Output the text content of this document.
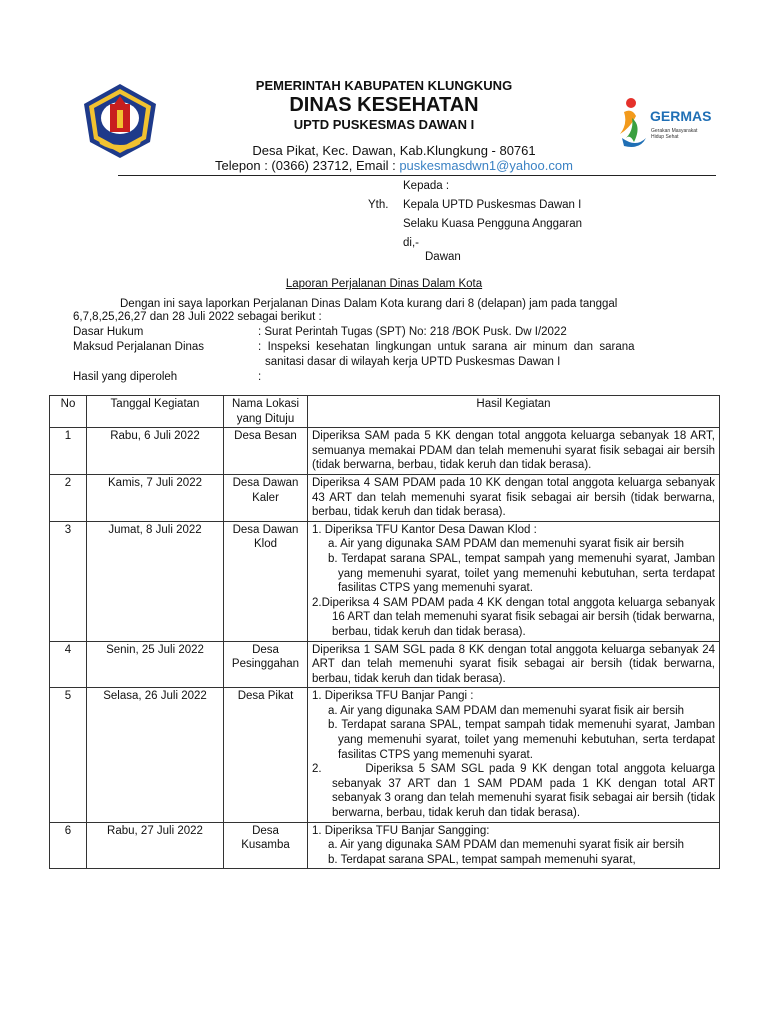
GERMAS
Gerakan Masyarakat
Hidup Sehat
PEMERINTAH KABUPATEN KLUNGKUNG
DINAS KESEHATAN
UPTD PUSKESMAS DAWAN I
Desa Pikat, Kec. Dawan, Kab.Klungkung - 80761
Telepon : (0366) 23712, Email : puskesmasdwn1@yahoo.com
Kepada :
Yth. Kepala UPTD Puskesmas Dawan I
Selaku Kuasa Pengguna Anggaran
di,-
Dawan
Laporan Perjalanan Dinas Dalam Kota
Dengan ini saya laporkan Perjalanan Dinas Dalam Kota kurang dari 8 (delapan) jam pada tanggal
6,7,8,25,26,27 dan 28 Juli 2022 sebagai berikut :
Dasar Hukum	: Surat Perintah Tugas (SPT) No: 218 /BOK Pusk. Dw I/2022
Maksud Perjalanan Dinas	:  Inspeksi  kesehatan  lingkungan  untuk  sarana  air  minum  dan  sarana
sanitasi dasar di wilayah kerja UPTD Puskesmas Dawan I
Hasil yang diperoleh	:
No	Tanggal Kegiatan	Nama Lokasi yang Dituju	Hasil Kegiatan
1	Rabu, 6 Juli 2022	Desa Besan	Diperiksa SAM pada 5 KK dengan total anggota keluarga sebanyak 18 ART, semuanya memakai PDAM dan telah memenuhi syarat fisik sebagai air bersih (tidak berwarna, berbau, tidak keruh dan tidak berasa).
2	Kamis, 7 Juli 2022	Desa Dawan Kaler	Diperiksa 4 SAM PDAM pada 10 KK dengan total anggota keluarga sebanyak 43 ART dan telah memenuhi syarat fisik sebagai air bersih (tidak berwarna, berbau, tidak keruh dan tidak berasa).
3	Jumat, 8 Juli 2022	Desa Dawan Klod	1. Diperiksa TFU Kantor Desa Dawan Klod :
a. Air yang digunaka SAM PDAM dan memenuhi syarat fisik air bersih
b. Terdapat sarana SPAL, tempat sampah yang memenuhi syarat, Jamban yang memenuhi syarat, toilet yang memenuhi kebutuhan, serta terdapat fasilitas CTPS yang memenuhi syarat.
2.Diperiksa 4 SAM PDAM pada 4 KK dengan total anggota keluarga sebanyak 16 ART dan telah memenuhi syarat fisik sebagai air bersih (tidak berwarna, berbau, tidak keruh dan tidak berasa).

4	Senin, 25 Juli 2022	Desa Pesinggahan	Diperiksa 1 SAM SGL pada 8 KK dengan total anggota keluarga sebanyak 24 ART dan telah memenuhi syarat fisik sebagai air bersih (tidak berwarna, berbau, tidak keruh dan tidak berasa).
5	Selasa, 26 Juli 2022	Desa Pikat	1. Diperiksa TFU Banjar Pangi :
a. Air yang digunaka SAM PDAM dan memenuhi syarat fisik air bersih
b. Terdapat sarana SPAL, tempat sampah tidak memenuhi syarat, Jamban yang memenuhi syarat, toilet yang memenuhi kebutuhan, serta terdapat fasilitas CTPS yang memenuhi syarat.
2.        Diperiksa 5 SAM SGL pada 9 KK dengan total anggota keluarga sebanyak 37 ART dan 1 SAM PDAM pada 1 KK dengan total ART sebanyak 3 orang dan telah memenuhi syarat fisik sebagai air bersih (tidak berwarna, berbau, tidak keruh dan tidak berasa).

6	Rabu, 27 Juli 2022	Desa Kusamba	1. Diperiksa TFU Banjar Sangging:
a. Air yang digunaka SAM PDAM dan memenuhi syarat fisik air bersih
b. Terdapat sarana SPAL, tempat sampah memenuhi syarat,
